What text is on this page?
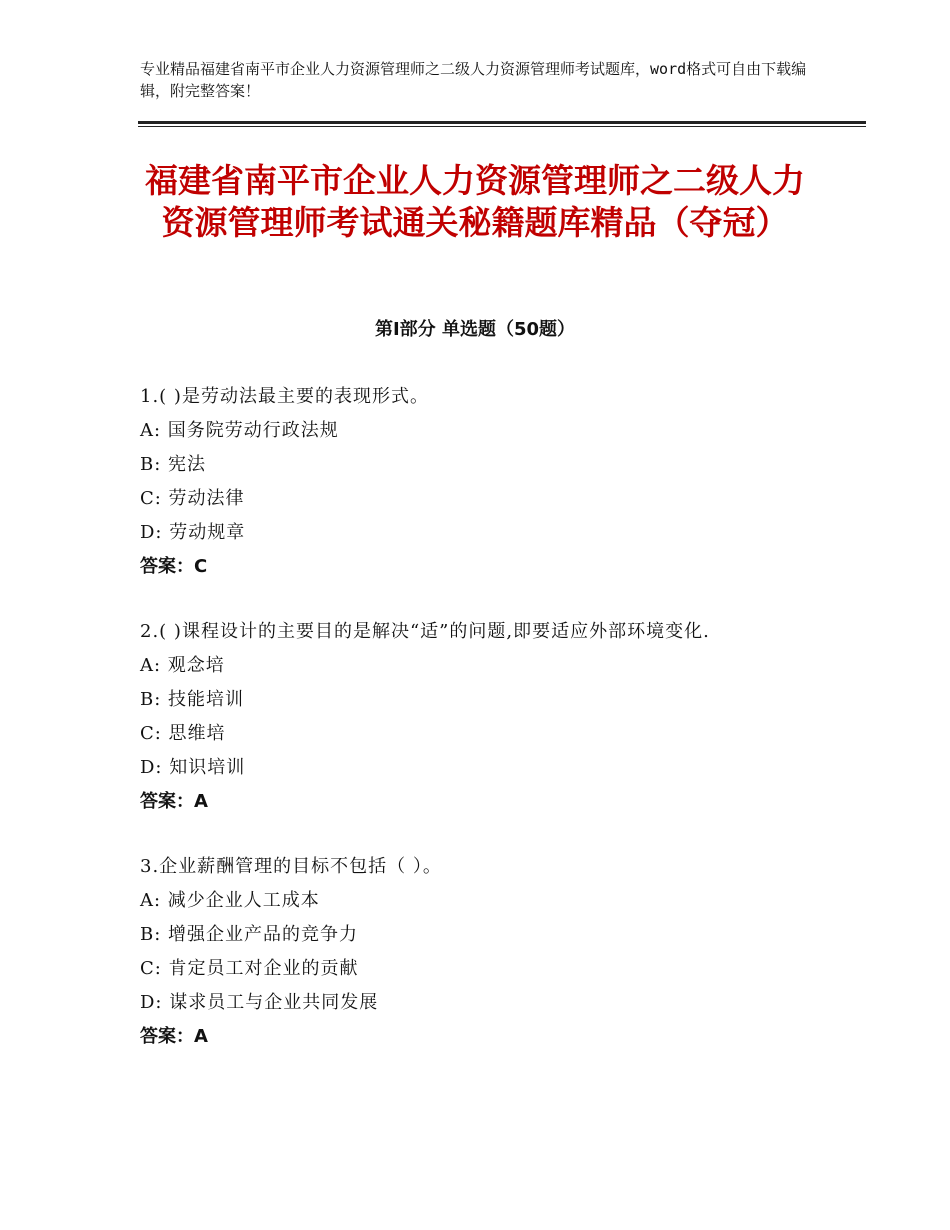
专业精品福建省南平市企业人力资源管理师之二级人力资源管理师考试题库，word格式可自由下载编辑，附完整答案！
福建省南平市企业人力资源管理师之二级人力资源管理师考试通关秘籍题库精品（夺冠）
第Ⅰ部分 单选题（50题）
1.( )是劳动法最主要的表现形式。
A: 国务院劳动行政法规
B: 宪法
C: 劳动法律
D: 劳动规章
答案：C
2.( )课程设计的主要目的是解决“适”的问题,即要适应外部环境变化.
A: 观念培
B: 技能培训
C: 思维培
D: 知识培训
答案：A
3.企业薪酬管理的目标不包括（ ）。
A: 减少企业人工成本
B: 增强企业产品的竞争力
C: 肯定员工对企业的贡献
D: 谋求员工与企业共同发展
答案：A
